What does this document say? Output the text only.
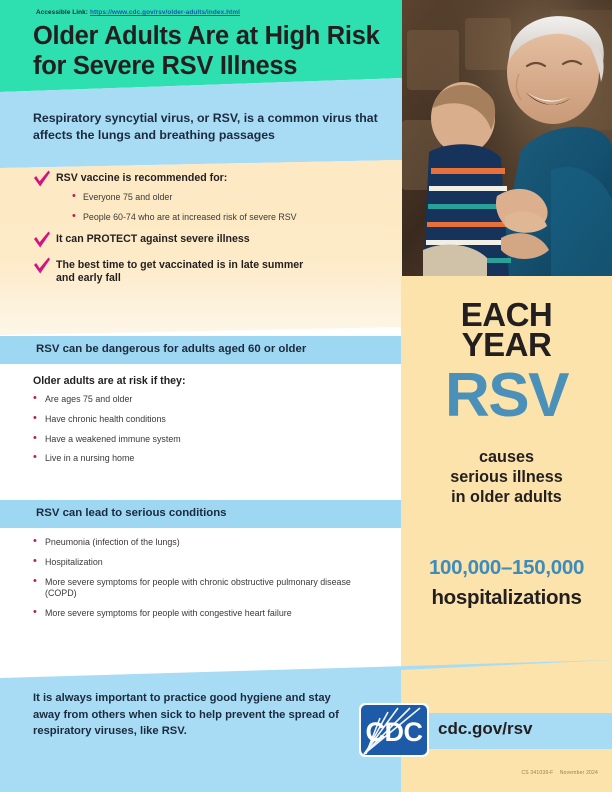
Accessible Link: https://www.cdc.gov/rsv/older-adults/index.html
Older Adults Are at High Risk
for Severe RSV Illness
Respiratory syncytial virus, or RSV, is a common virus that affects the lungs and breathing passages
RSV vaccine is recommended for:
• Everyone 75 and older
• People 60-74 who are at increased risk of severe RSV
It can PROTECT against severe illness
The best time to get vaccinated is in late summer and early fall
RSV can be dangerous for adults aged 60 or older
Older adults are at risk if they:
• Are ages 75 and older
• Have chronic health conditions
• Have a weakened immune system
• Live in a nursing home
RSV can lead to serious conditions
• Pneumonia (infection of the lungs)
• Hospitalization
• More severe symptoms for people with chronic obstructive pulmonary disease (COPD)
• More severe symptoms for people with congestive heart failure
EACH
YEAR
RSV
causes
serious illness
in older adults
100,000–150,000
hospitalizations
It is always important to practice good hygiene and stay away from others when sick to help prevent the spread of respiratory viruses, like RSV.	CDC cdc.gov/rsv
CS 341039-F November 2024
